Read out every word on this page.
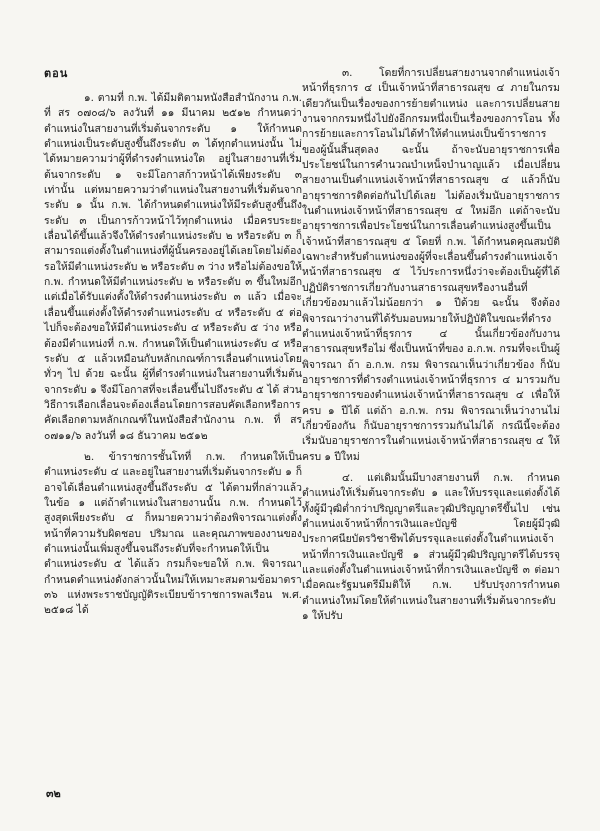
ตอน

๑. ตามที่ ก.พ. ได้มีมติตามหนังสือสำนักงาน ก.พ. ที่ สร ๐๗๐๘/๖ ลงวันที่ ๑๑ มีนาคม ๒๕๑๒ กำหนดว่าตำแหน่งในสายงานที่เริ่มต้นจากระดับ ๑ ให้กำหนดตำแหน่งเป็นระดับสูงขึ้นถึงระดับ ๓ ได้ทุกตำแหน่งนั้น ไม่ได้หมายความว่าผู้ที่ดำรงตำแหน่งใด อยู่ในสายงานที่เริ่มต้นจากระดับ ๑ จะมีโอกาสก้าวหน้าได้เพียงระดับ ๓ เท่านั้น แต่หมายความว่าตำแหน่งในสายงานที่เริ่มต้นจากระดับ ๑ นั้น ก.พ. ได้กำหนดตำแหน่งให้มีระดับสูงขึ้นถึงระดับ ๓ เป็นการก้าวหน้าไว้ทุกตำแหน่ง เมื่อครบระยะเลื่อนได้ขึ้นแล้วจึงให้ดำรงตำแหน่งระดับ ๒ หรือระดับ ๓ ก็สามารถแต่งตั้งในตำแหน่งที่ผู้นั้นครองอยู่ได้เลยโดยไม่ต้องรอให้มีตำแหน่งระดับ ๒ หรือระดับ ๓ ว่าง หรือไม่ต้องขอให้ ก.พ. กำหนดให้มีตำแหน่งระดับ ๒ หรือระดับ ๓ ขึ้นใหม่อีก แต่เมื่อได้รับแต่งตั้งให้ดำรงตำแหน่งระดับ ๓ แล้ว เมื่อจะเลื่อนขึ้นแต่งตั้งให้ดำรงตำแหน่งระดับ ๔ หรือระดับ ๕ ต่อไปก็จะต้องขอให้มีตำแหน่งระดับ ๔ หรือระดับ ๕ ว่าง หรือต้องมีตำแหน่งที่ ก.พ. กำหนดให้เป็นตำแหน่งระดับ ๔ หรือระดับ ๕ แล้วเหมือนกับหลักเกณฑ์การเลื่อนตำแหน่งโดยทั่วๆ ไป ด้วย ฉะนั้น ผู้ที่ดำรงตำแหน่งในสายงานที่เริ่มต้นจากระดับ ๑ จึงมีโอกาสที่จะเลื่อนขึ้นไปถึงระดับ ๕ ได้ ส่วนวิธีการเลือกเลื่อนจะต้องเลื่อนโดยการสอบคัดเลือกหรือการคัดเลือกตามหลักเกณฑ์ในหนังสือสำนักงาน ก.พ. ที่ สร ๐๗๑๑/๖ ลงวันที่ ๑๘ ธันวาคม ๒๕๑๒

๒. ข้าราชการชั้นโทที่ ก.พ. กำหนดให้เป็นตำแหน่งระดับ ๔ และอยู่ในสายงานที่เริ่มต้นจากระดับ ๑ ก็อาจได้เลื่อนตำแหน่งสูงขึ้นถึงระดับ ๕ ได้ตามที่กล่าวแล้วในข้อ ๑ แต่ถ้าตำแหน่งในสายงานนั้น ก.พ. กำหนดไว้สูงสุดเพียงระดับ ๔ ก็หมายความว่าต้องพิจารณาแต่งตั้ง หน้าที่ความรับผิดชอบ ปริมาณ และคุณภาพของงานของตำแหน่งนั้นเพิ่มสูงขึ้นจนถึงระดับที่จะกำหนดให้เป็นตำแหน่งระดับ ๕ ได้แล้ว กรมก็จะขอให้ ก.พ. พิจารณากำหนดตำแหน่งดังกล่าวนั้นใหม่ให้เหมาะสมตามข้อมาตรา ๓๖ แห่งพระราชบัญญัติระเบียบข้าราชการพลเรือน พ.ศ. ๒๕๑๘ ได้

๓. โดยที่การเปลี่ยนสายงานจากตำแหน่งเจ้าหน้าที่ธุรการ ๔ เป็นเจ้าหน้าที่สาธารณสุข ๔ ภายในกรมเดียวกันเป็นเรื่องของการย้ายตำแหน่ง และการเปลี่ยนสายงานจากกรมหนึ่งไปยังอีกกรมหนึ่งเป็นเรื่องของการโอน ทั้งการย้ายและการโอนไม่ได้ทำให้ตำแหน่งเป็นข้าราชการของผู้นั้นสิ้นสุดลง ฉะนั้น ถ้าจะนับอายุราชการเพื่อประโยชน์ในการคำนวณบำเหน็จบำนาญแล้ว เมื่อเปลี่ยนสายงานเป็นตำแหน่งเจ้าหน้าที่สาธารณสุข ๔ แล้วก็นับอายุราชการติดต่อกันไปได้เลย ไม่ต้องเริ่มนับอายุราชการในตำแหน่งเจ้าหน้าที่สาธารณสุข ๔ ใหม่อีก แต่ถ้าจะนับอายุราชการเพื่อประโยชน์ในการเลื่อนตำแหน่งสูงขึ้นเป็นเจ้าหน้าที่สาธารณสุข ๕ โดยที่ ก.พ. ได้กำหนดคุณสมบัติเฉพาะสำหรับตำแหน่งของผู้ที่จะเลื่อนขึ้นดำรงตำแหน่งเจ้าหน้าที่สาธารณสุข ๕ ไว้ประการหนึ่งว่าจะต้องเป็นผู้ที่ได้ปฏิบัติราชการเกี่ยวกับงานสาธารณสุขหรืองานอื่นที่เกี่ยวข้องมาแล้วไม่น้อยกว่า ๑ ปีด้วย ฉะนั้น จึงต้องพิจารณาว่างานที่ได้รับมอบหมายให้ปฏิบัติในขณะที่ดำรงตำแหน่งเจ้าหน้าที่ธุรการ ๔ นั้นเกี่ยวข้องกับงานสาธารณสุขหรือไม่ ซึ่งเป็นหน้าที่ของ อ.ก.พ. กรมที่จะเป็นผู้พิจารณา ถ้า อ.ก.พ. กรม พิจารณาเห็นว่าเกี่ยวข้อง ก็นับอายุราชการที่ดำรงตำแหน่งเจ้าหน้าที่ธุรการ ๔ มารวมกับอายุราชการของตำแหน่งเจ้าหน้าที่สาธารณสุข ๔ เพื่อให้ครบ ๑ ปีได้ แต่ถ้า อ.ก.พ. กรม พิจารณาเห็นว่างานไม่เกี่ยวข้องกัน ก็นับอายุราชการรวมกันไม่ได้ กรณีนี้จะต้องเริ่มนับอายุราชการในตำแหน่งเจ้าหน้าที่สาธารณสุข ๔ ให้ครบ ๑ ปีใหม่

๔. แต่เดิมนั้นมีบางสายงานที่ ก.พ. กำหนดตำแหน่งให้เริ่มต้นจากระดับ ๑ และให้บรรจุและแต่งตั้งได้ทั้งผู้มีวุฒิต่ำกว่าปริญญาตรีและวุฒิปริญญาตรีขึ้นไป เช่นตำแหน่งเจ้าหน้าที่การเงินและบัญชี โดยผู้มีวุฒิประกาศนียบัตรวิชาชีพได้บรรจุและแต่งตั้งในตำแหน่งเจ้าหน้าที่การเงินและบัญชี ๑ ส่วนผู้มีวุฒิปริญญาตรีได้บรรจุและแต่งตั้งในตำแหน่งเจ้าหน้าที่การเงินและบัญชี ๓ ต่อมาเมื่อคณะรัฐมนตรีมีมติให้ ก.พ. ปรับปรุงการกำหนดตำแหน่งใหม่โดยให้ตำแหน่งในสายงานที่เริ่มต้นจากระดับ ๑ ให้ปรับ

๓๒
